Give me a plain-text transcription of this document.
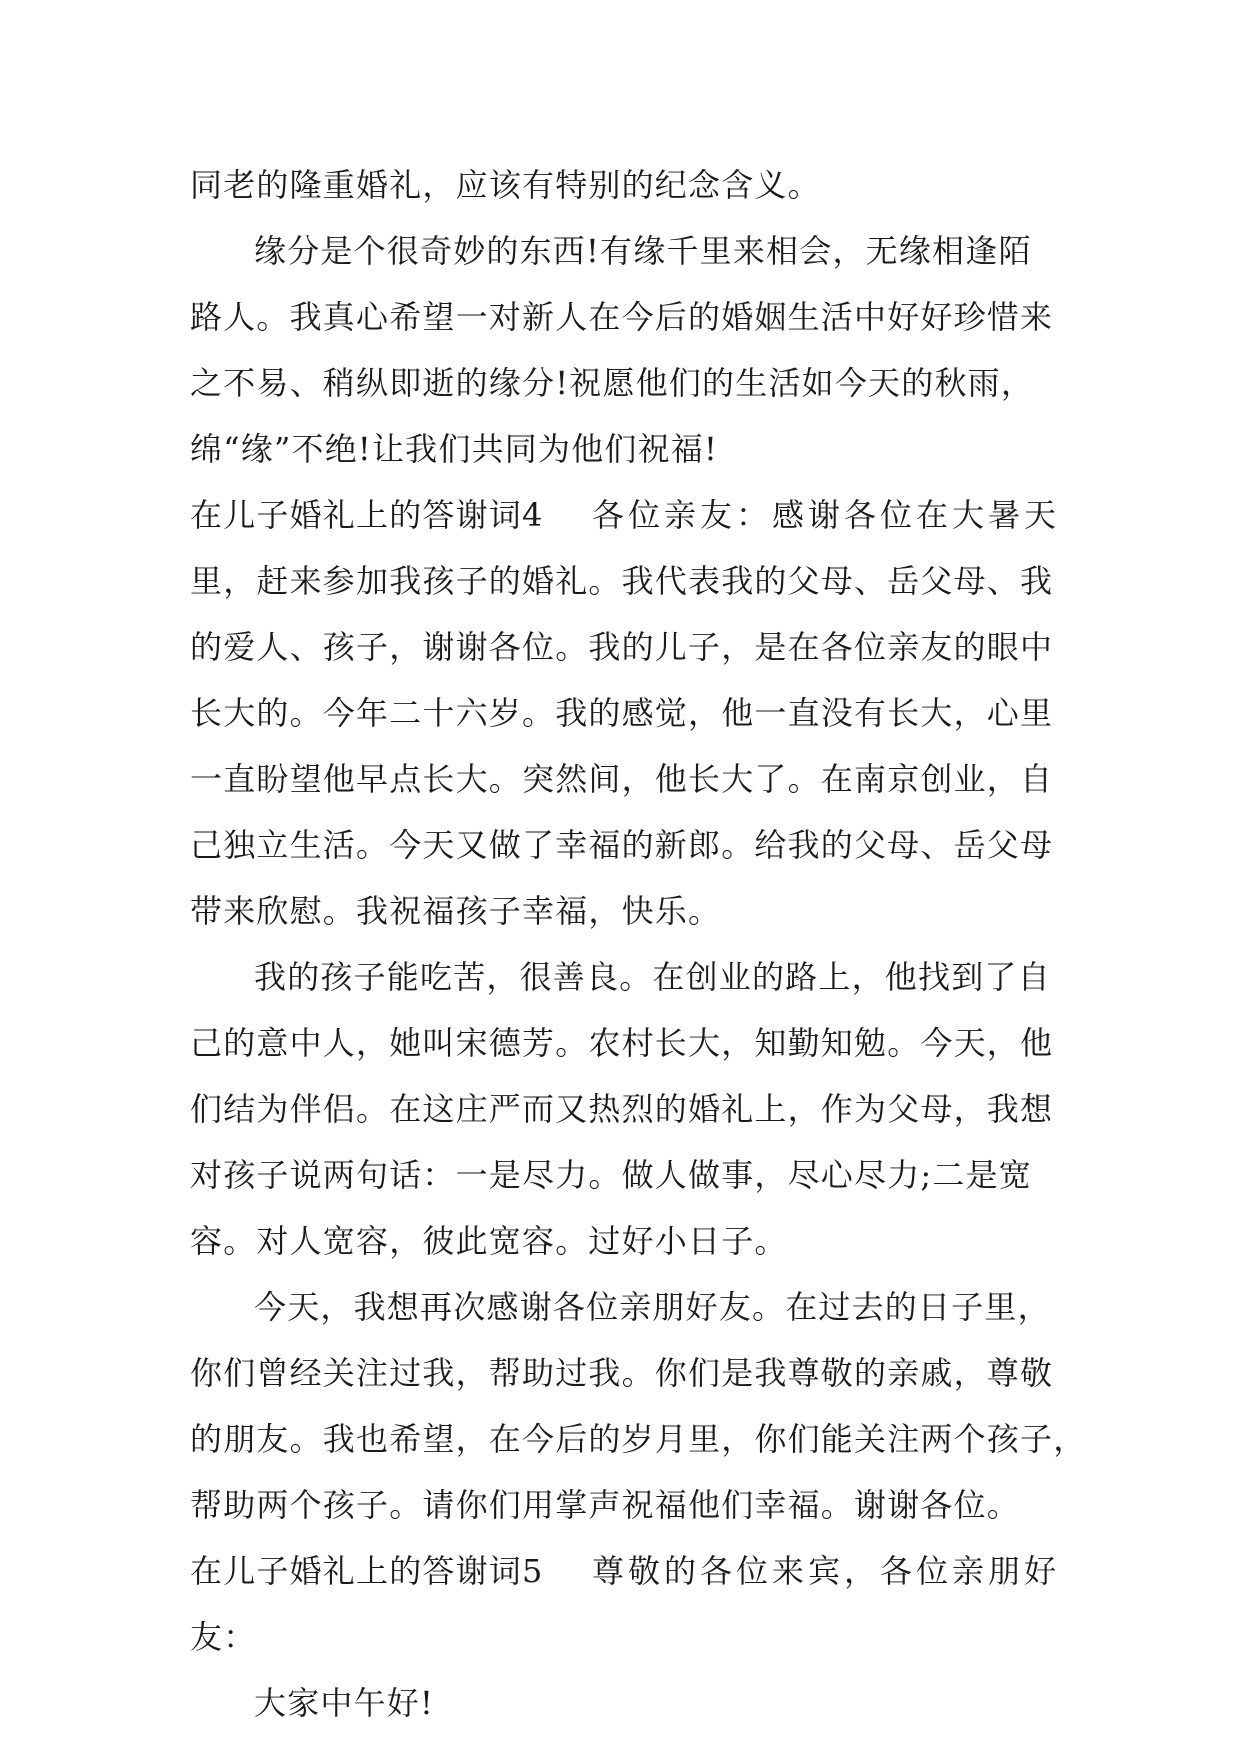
同老的隆重婚礼，应该有特别的纪念含义。
缘分是个很奇妙的东西!有缘千里来相会，无缘相逢陌
路人。我真心希望一对新人在今后的婚姻生活中好好珍惜来
之不易、稍纵即逝的缘分!祝愿他们的生活如今天的秋雨，
绵“缘”不绝!让我们共同为他们祝福!
在儿子婚礼上的答谢词4	各位亲友：感谢各位在大暑天
里，赶来参加我孩子的婚礼。我代表我的父母、岳父母、我
的爱人、孩子，谢谢各位。我的儿子，是在各位亲友的眼中
长大的。今年二十六岁。我的感觉，他一直没有长大，心里
一直盼望他早点长大。突然间，他长大了。在南京创业，自
己独立生活。今天又做了幸福的新郎。给我的父母、岳父母
带来欣慰。我祝福孩子幸福，快乐。
我的孩子能吃苦，很善良。在创业的路上，他找到了自
己的意中人，她叫宋德芳。农村长大，知勤知勉。今天，他
们结为伴侣。在这庄严而又热烈的婚礼上，作为父母，我想
对孩子说两句话：一是尽力。做人做事，尽心尽力;二是宽
容。对人宽容，彼此宽容。过好小日子。
今天，我想再次感谢各位亲朋好友。在过去的日子里，
你们曾经关注过我，帮助过我。你们是我尊敬的亲戚，尊敬
的朋友。我也希望，在今后的岁月里，你们能关注两个孩子，
帮助两个孩子。请你们用掌声祝福他们幸福。谢谢各位。
在儿子婚礼上的答谢词5	尊敬的各位来宾，各位亲朋好
友：
大家中午好!
